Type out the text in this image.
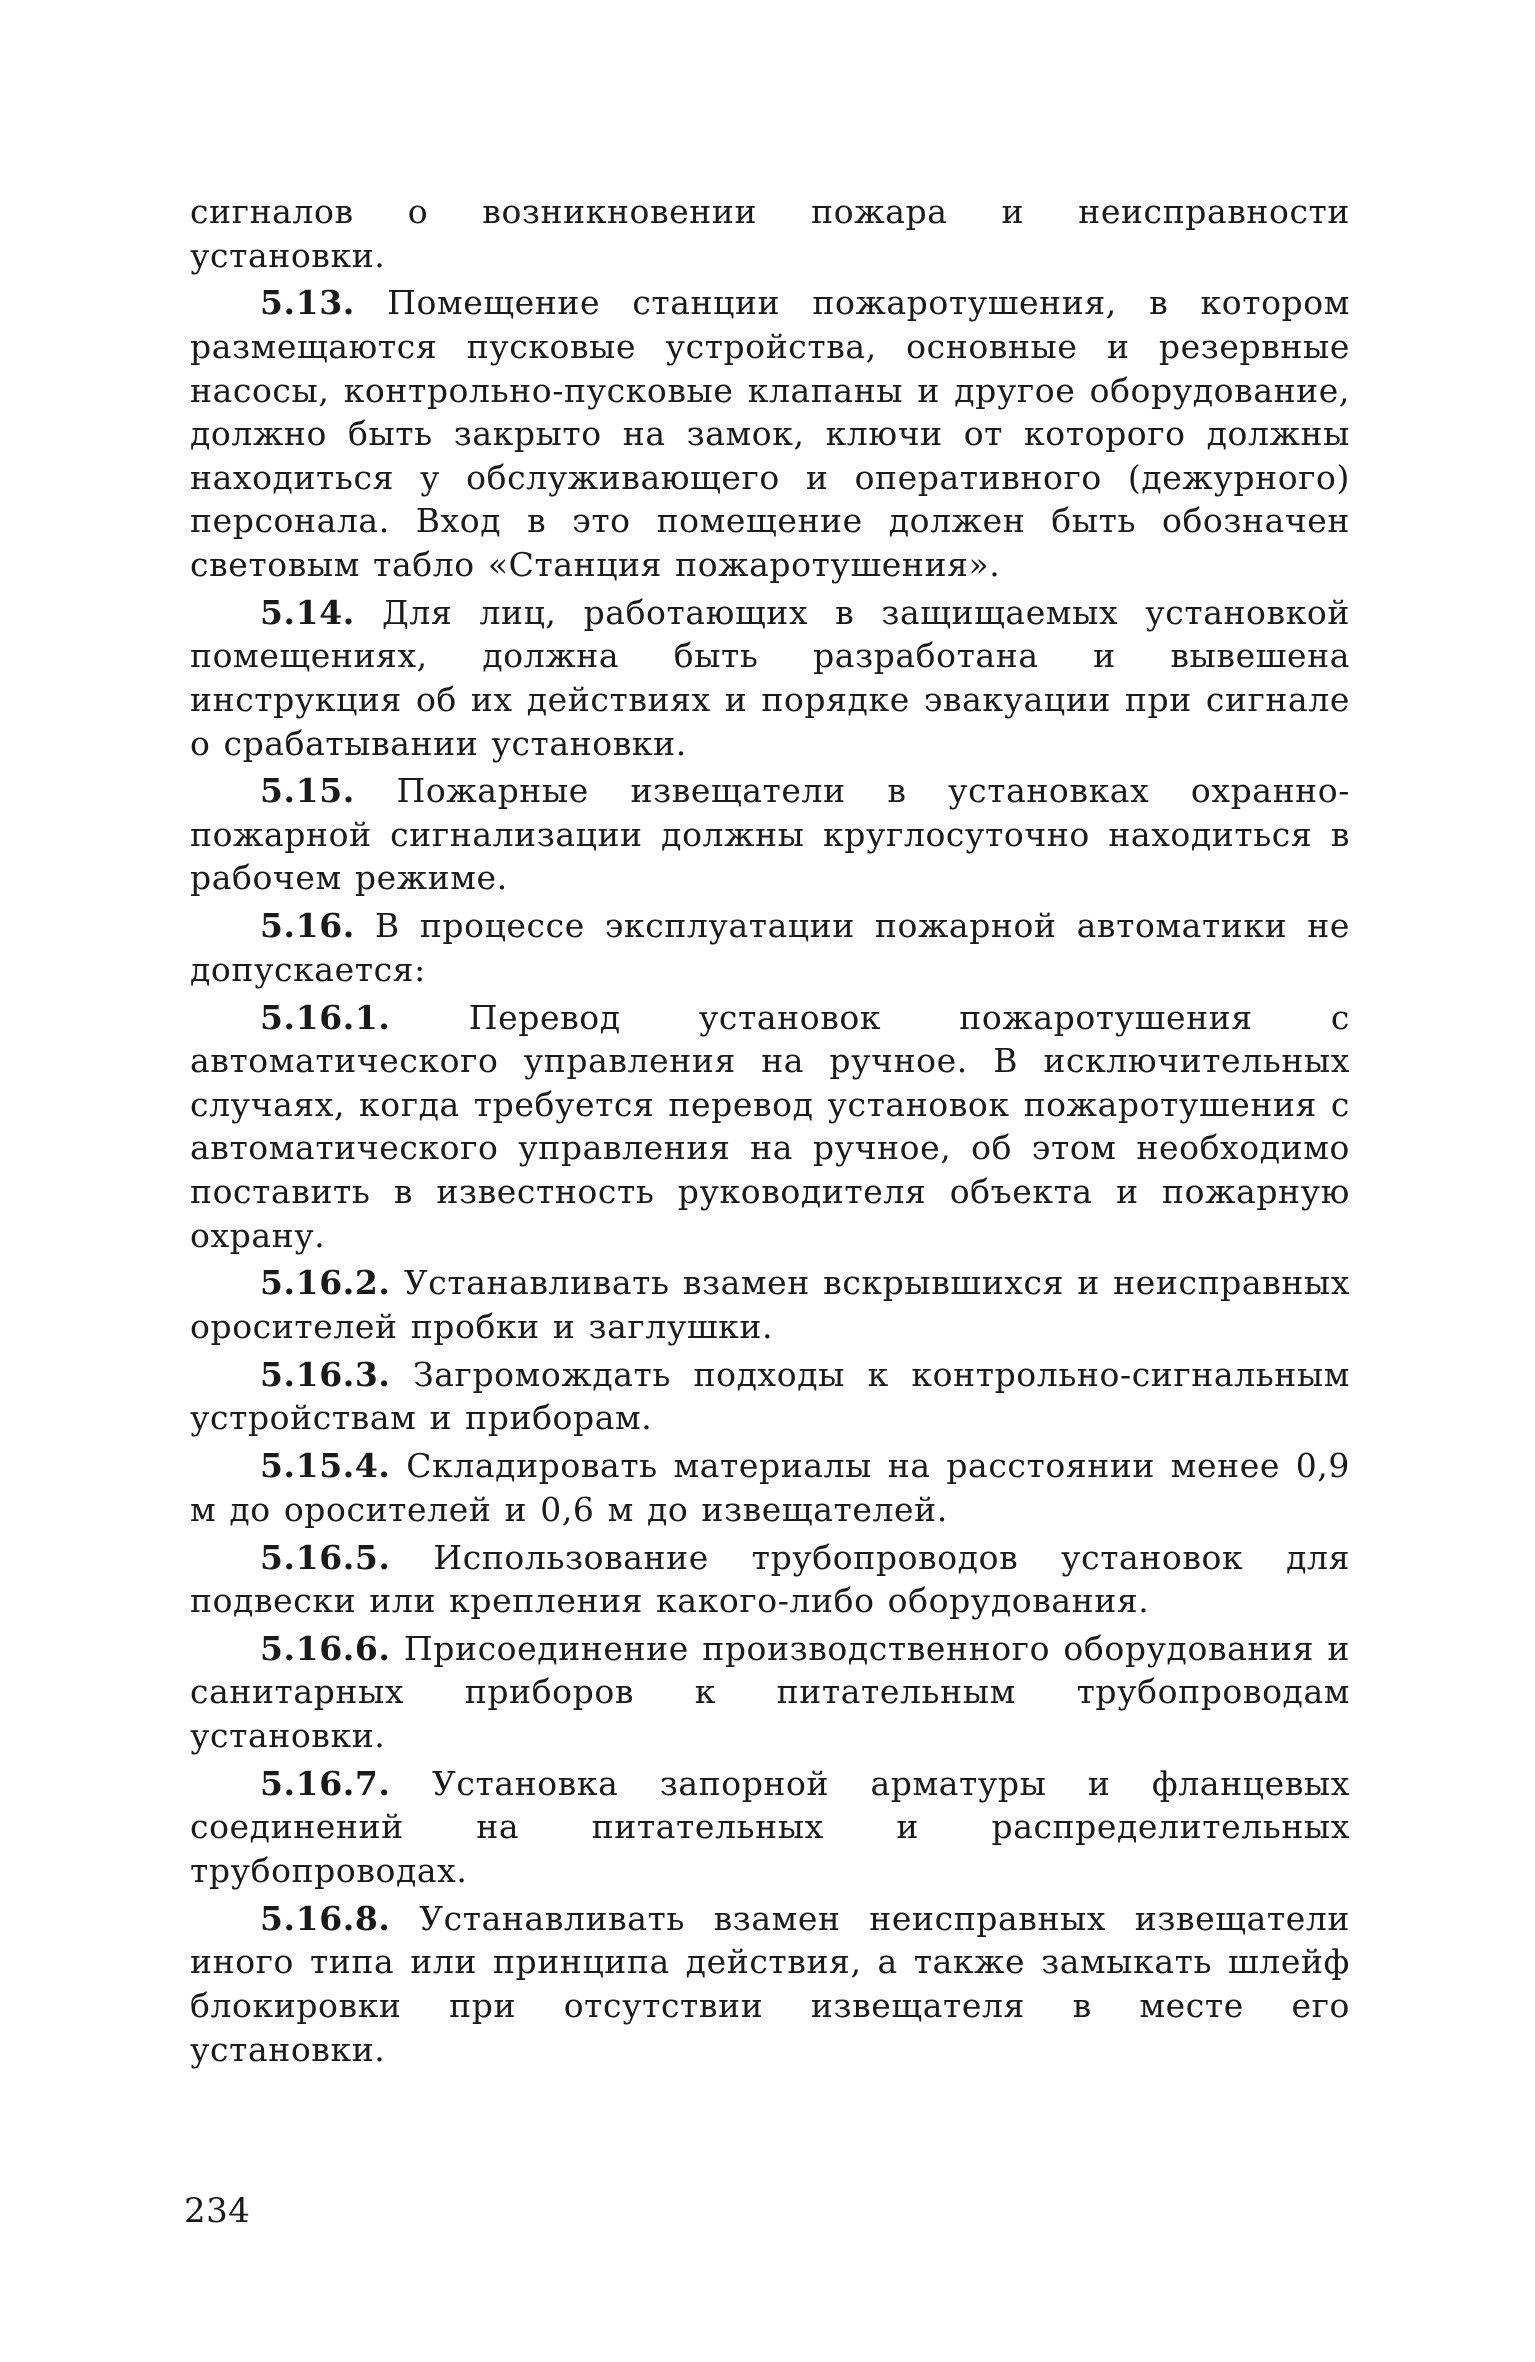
сигналов о возникновении пожара и неисправности установки.

5.13. Помещение станции пожаротушения, в котором размещаются пусковые устройства, основные и резервные насосы, контрольно-пусковые клапаны и другое оборудование, должно быть закрыто на замок, ключи от которого должны находиться у обслуживающего и оперативного (дежурного) персонала. Вход в это помещение должен быть обозначен световым табло «Станция пожаротушения».

5.14. Для лиц, работающих в защищаемых установкой помещениях, должна быть разработана и вывешена инструкция об их действиях и порядке эвакуации при сигнале о срабатывании установки.

5.15. Пожарные извещатели в установках охранно-пожарной сигнализации должны круглосуточно находиться в рабочем режиме.

5.16. В процессе эксплуатации пожарной автоматики не допускается:

5.16.1. Перевод установок пожаротушения с автоматического управления на ручное. В исключительных случаях, когда требуется перевод установок пожаротушения с автоматического управления на ручное, об этом необходимо поставить в известность руководителя объекта и пожарную охрану.

5.16.2. Устанавливать взамен вскрывшихся и неисправных оросителей пробки и заглушки.

5.16.3. Загромождать подходы к контрольно-сигнальным устройствам и приборам.

5.15.4. Складировать материалы на расстоянии менее 0,9 м до оросителей и 0,6 м до извещателей.

5.16.5. Использование трубопроводов установок для подвески или крепления какого-либо оборудования.

5.16.6. Присоединение производственного оборудования и санитарных приборов к питательным трубопроводам установки.

5.16.7. Установка запорной арматуры и фланцевых соединений на питательных и распределительных трубопроводах.

5.16.8. Устанавливать взамен неисправных извещатели иного типа или принципа действия, а также замыкать шлейф блокировки при отсутствии извещателя в месте его установки.

234
